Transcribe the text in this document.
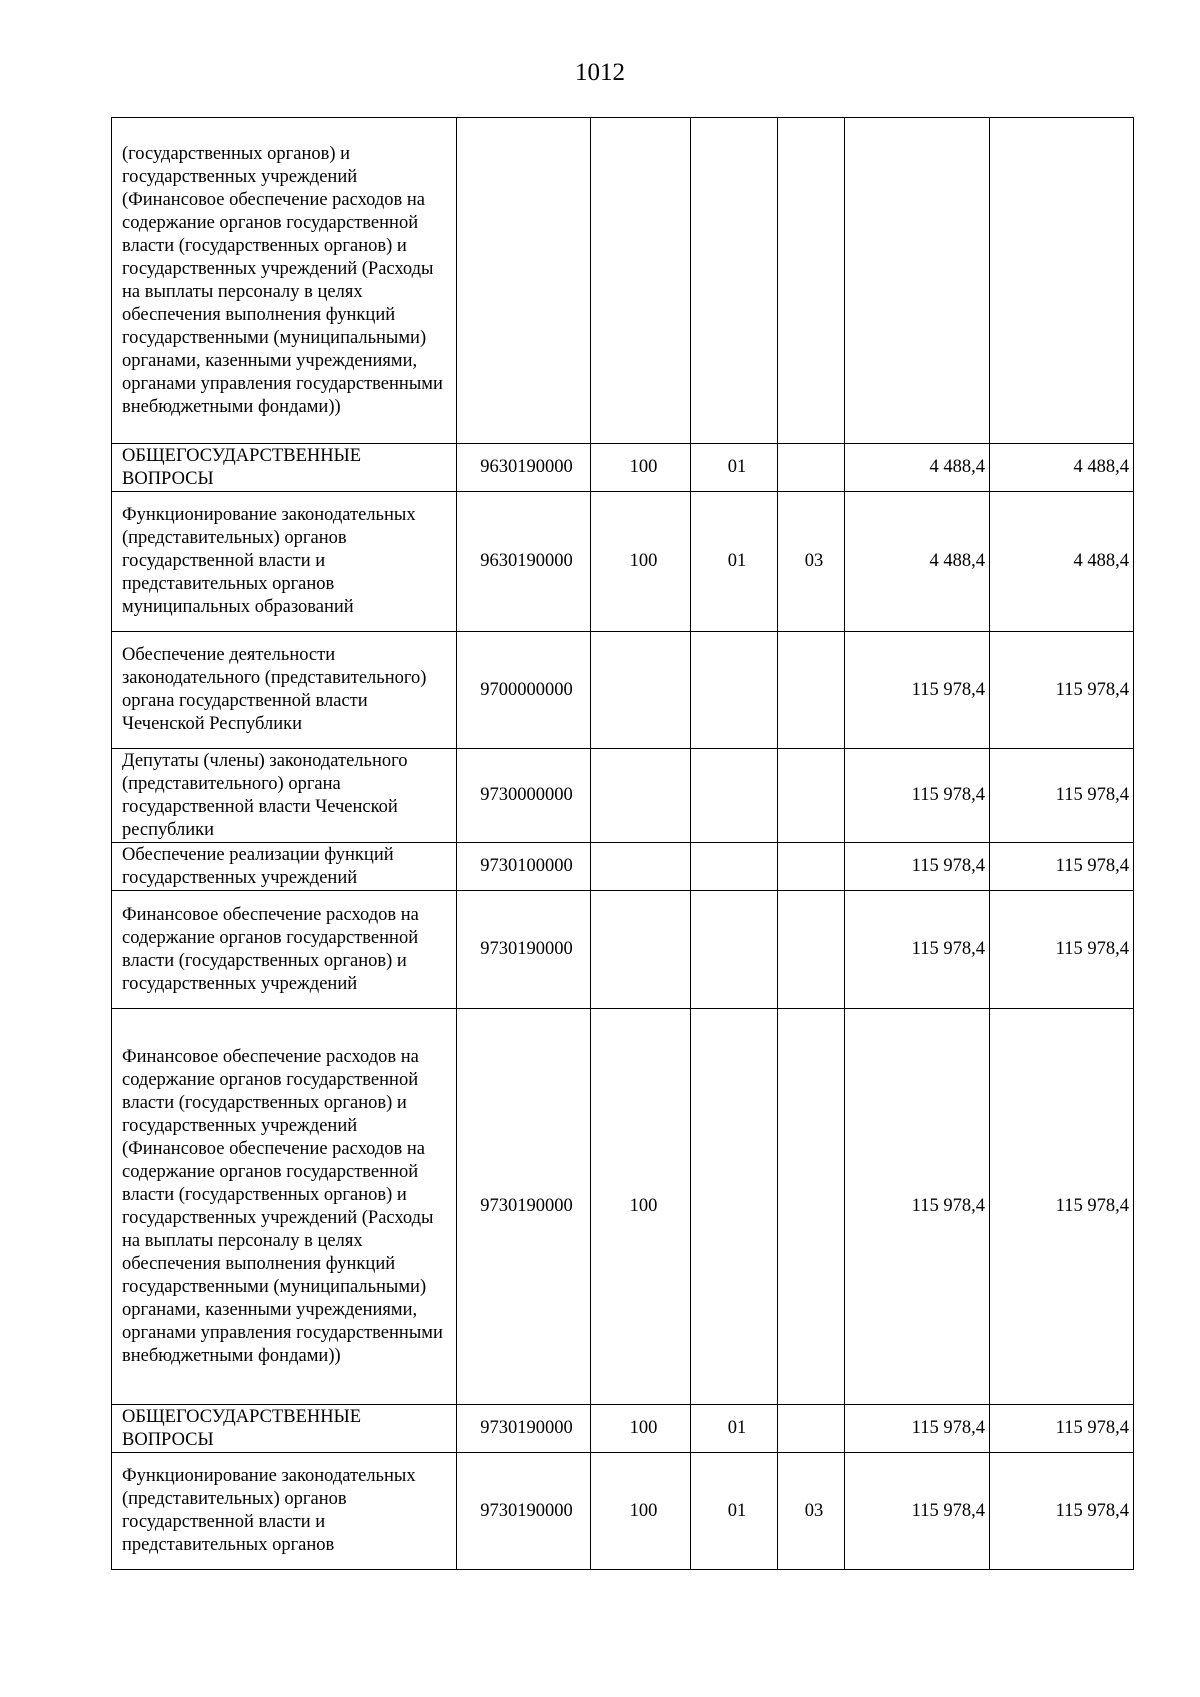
1012
(государственных органов) и государственных учреждений (Финансовое обеспечение расходов на содержание органов государственной власти (государственных органов) и государственных учреждений (Расходы на выплаты персоналу в целях обеспечения выполнения функций государственными (муниципальными) органами, казенными учреждениями, органами управления государственными внебюджетными фондами))						
ОБЩЕГОСУДАРСТВЕННЫЕ ВОПРОСЫ	9630190000	100	01		4 488,4	4 488,4
Функционирование законодательных (представительных) органов государственной власти и представительных органов муниципальных образований	9630190000	100	01	03	4 488,4	4 488,4
Обеспечение деятельности законодательного (представительного) органа государственной власти Чеченской Республики	9700000000				115 978,4	115 978,4
Депутаты (члены) законодательного (представительного) органа государственной власти Чеченской республики	9730000000				115 978,4	115 978,4
Обеспечение реализации функций государственных учреждений	9730100000				115 978,4	115 978,4
Финансовое обеспечение расходов на содержание органов государственной власти (государственных органов) и государственных учреждений	9730190000				115 978,4	115 978,4
Финансовое обеспечение расходов на содержание органов государственной власти (государственных органов) и государственных учреждений (Финансовое обеспечение расходов на содержание органов государственной власти (государственных органов) и государственных учреждений (Расходы на выплаты персоналу в целях обеспечения выполнения функций государственными (муниципальными) органами, казенными учреждениями, органами управления государственными внебюджетными фондами))	9730190000	100			115 978,4	115 978,4
ОБЩЕГОСУДАРСТВЕННЫЕ ВОПРОСЫ	9730190000	100	01		115 978,4	115 978,4
Функционирование законодательных (представительных) органов государственной власти и представительных органов	9730190000	100	01	03	115 978,4	115 978,4
